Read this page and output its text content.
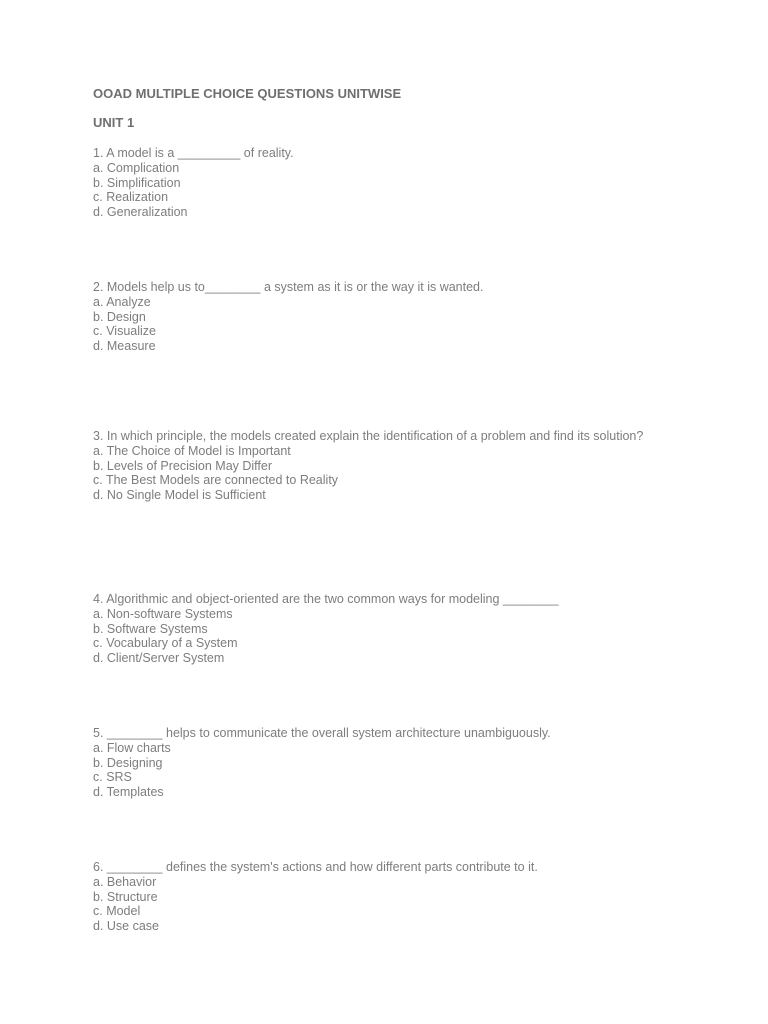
OOAD MULTIPLE CHOICE QUESTIONS UNITWISE
UNIT 1

1. A model is a _________ of reality.

a. Complication

b. Simplification

c. Realization

d. Generalization

2. Models help us to________ a system as it is or the way it is wanted.

a. Analyze

b. Design

c. Visualize

d. Measure

3. In which principle, the models created explain the identification of a problem and find its solution?

a. The Choice of Model is Important

b. Levels of Precision May Differ

c. The Best Models are connected to Reality

d. No Single Model is Sufficient

4. Algorithmic and object-oriented are the two common ways for modeling ________

a. Non-software Systems

b. Software Systems

c. Vocabulary of a System

d. Client/Server System

5. ________ helps to communicate the overall system architecture unambiguously.

a. Flow charts

b. Designing

c. SRS

d. Templates

6. ________ defines the system's actions and how different parts contribute to it.

a. Behavior

b. Structure

c. Model

d. Use case
